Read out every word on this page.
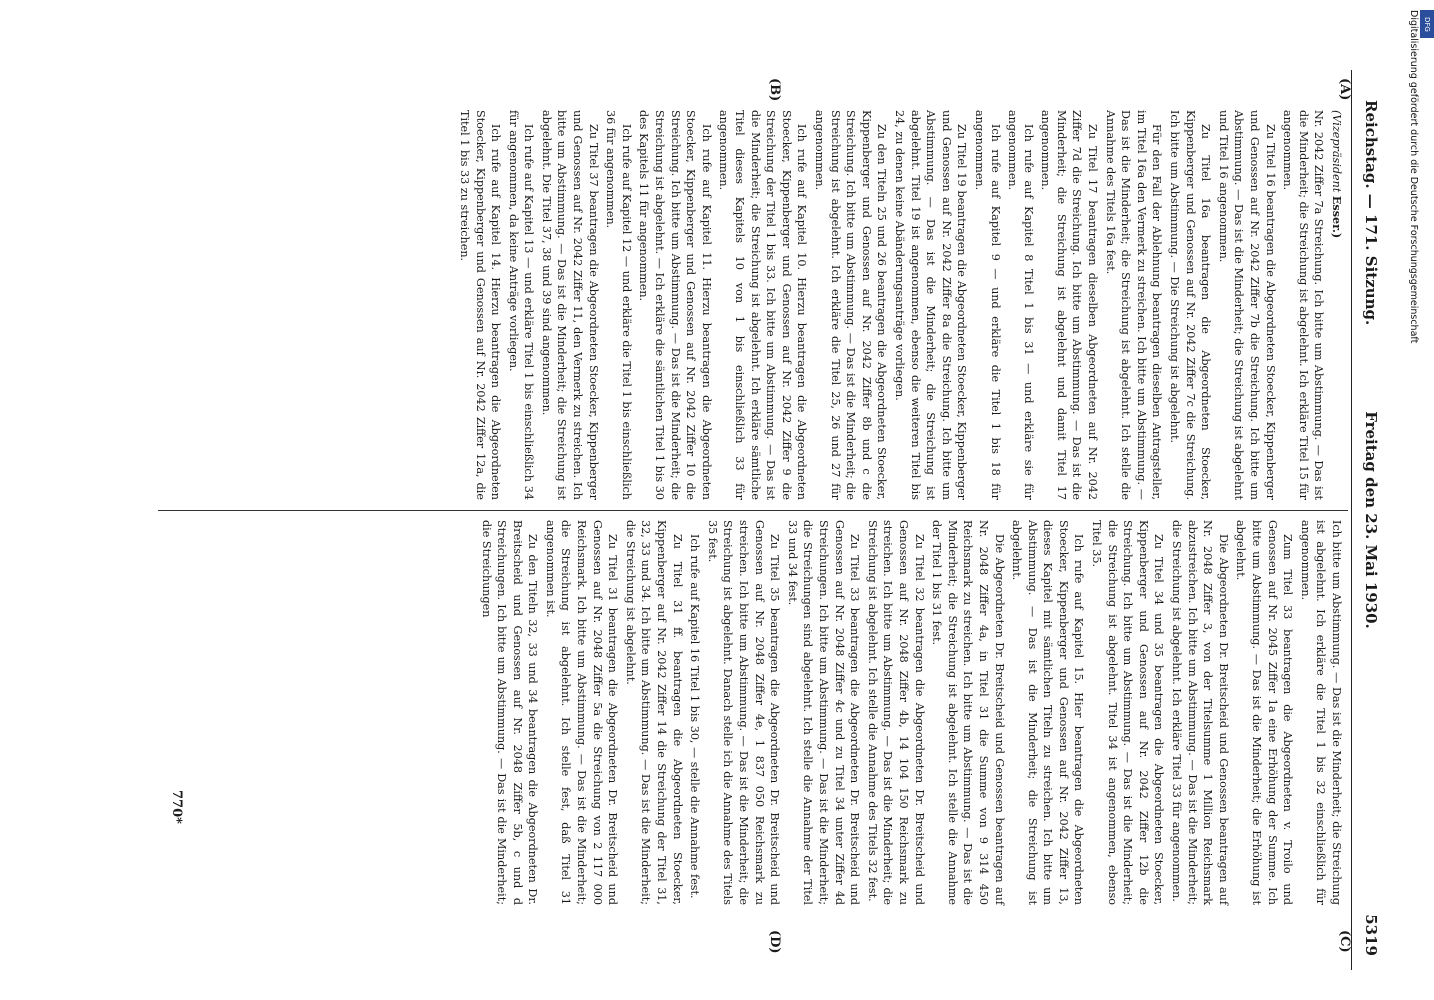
Reichstag. — 171. Sitzung.
Freitag den 23. Mai 1930.
5319
(A)
(B)
(C)
(D)

(Vizepräsident Esser.)

Nr. 2042 Ziffer 7a Streichung. Ich bitte um Abstimmung. — Das ist die Minderheit; die Streichung ist abgelehnt. Ich erkläre Titel 15 für angenommen.

Zu Titel 16 beantragen die Abgeordneten Stoecker, Kippenberger und Genossen auf Nr. 2042 Ziffer 7b die Streichung. Ich bitte um Abstimmung. — Das ist die Minderheit; die Streichung ist abgelehnt und Titel 16 angenommen.

Zu Titel 16a beantragen die Abgeordneten Stoecker, Kippenberger und Genossen auf Nr. 2042 Ziffer 7c die Streichung. Ich bitte um Abstimmung. — Die Streichung ist abgelehnt.

Für den Fall der Ablehnung beantragen dieselben Antragsteller, im Titel 16a den Vermerk zu streichen. Ich bitte um Abstimmung. — Das ist die Minderheit; die Streichung ist abgelehnt. Ich stelle die Annahme des Titels 16a fest.

Zu Titel 17 beantragen dieselben Abgeordneten auf Nr. 2042 Ziffer 7d die Streichung. Ich bitte um Abstimmung. — Das ist die Minderheit; die Streichung ist abgelehnt und damit Titel 17 angenommen.

Ich rufe auf Kapitel 8 Titel 1 bis 31 — und erkläre sie für angenommen.

Ich rufe auf Kapitel 9 — und erkläre die Titel 1 bis 18 für angenommen.

Zu Titel 19 beantragen die Abgeordneten Stoecker, Kippenberger und Genossen auf Nr. 2042 Ziffer 8a die Streichung. Ich bitte um Abstimmung. — Das ist die Minderheit; die Streichung ist abgelehnt. Titel 19 ist angenommen, ebenso die weiteren Titel bis 24, zu denen keine Abänderungsanträge vorliegen.

Zu den Titeln 25 und 26 beantragen die Abgeordneten Stoecker, Kippenberger und Genossen auf Nr. 2042 Ziffer 8b und c die Streichung. Ich bitte um Abstimmung. — Das ist die Minderheit; die Streichung ist abgelehnt. Ich erkläre die Titel 25, 26 und 27 für angenommen.

Ich rufe auf Kapitel 10. Hierzu beantragen die Abgeordneten Stoecker, Kippenberger und Genossen auf Nr. 2042 Ziffer 9 die Streichung der Titel 1 bis 33. Ich bitte um Abstimmung. — Das ist die Minderheit; die Streichung ist abgelehnt. Ich erkläre sämtliche Titel dieses Kapitels 10 von 1 bis einschließlich 33 für angenommen.

Ich rufe auf Kapitel 11. Hierzu beantragen die Abgeordneten Stoecker, Kippenberger und Genossen auf Nr. 2042 Ziffer 10 die Streichung. Ich bitte um Abstimmung. — Das ist die Minderheit; die Streichung ist abgelehnt. — Ich erkläre die sämtlichen Titel 1 bis 30 des Kapitels 11 für angenommen.

Ich rufe auf Kapitel 12 — und erkläre die Titel 1 bis einschließlich 36 für angenommen.

Zu Titel 37 beantragen die Abgeordneten Stoecker, Kippenberger und Genossen auf Nr. 2042 Ziffer 11, den Vermerk zu streichen. Ich bitte um Abstimmung. — Das ist die Minderheit; die Streichung ist abgelehnt. Die Titel 37, 38 und 39 sind angenommen.

Ich rufe auf Kapitel 13 — und erkläre Titel 1 bis einschließlich 34 für angenommen, da keine Anträge vorliegen.

Ich rufe auf Kapitel 14. Hierzu beantragen die Abgeordneten Stoecker, Kippenberger und Genossen auf Nr. 2042 Ziffer 12a, die Titel 1 bis 33 zu streichen.

Ich bitte um Abstimmung. — Das ist die Minderheit; die Streichung ist abgelehnt. Ich erkläre die Titel 1 bis 32 einschließlich für angenommen.

Zum Titel 33 beantragen die Abgeordneten v. Troilo und Genossen auf Nr. 2045 Ziffer 1a eine Erhöhung der Summe. Ich bitte um Abstimmung. — Das ist die Minderheit; die Erhöhung ist abgelehnt.

Die Abgeordneten Dr. Breitscheid und Genossen beantragen auf Nr. 2048 Ziffer 3, von der Titelsumme 1 Million Reichsmark abzustreichen. Ich bitte um Abstimmung. — Das ist die Minderheit; die Streichung ist abgelehnt. Ich erkläre Titel 33 für angenommen.

Zu Titel 34 und 35 beantragen die Abgeordneten Stoecker, Kippenberger und Genossen auf Nr. 2042 Ziffer 12b die Streichung. Ich bitte um Abstimmung. — Das ist die Minderheit; die Streichung ist abgelehnt. Titel 34 ist angenommen, ebenso Titel 35.

Ich rufe auf Kapitel 15. Hier beantragen die Abgeordneten Stoecker, Kippenberger und Genossen auf Nr. 2042 Ziffer 13, dieses Kapitel mit sämtlichen Titeln zu streichen. Ich bitte um Abstimmung. — Das ist die Minderheit; die Streichung ist abgelehnt.

Die Abgeordneten Dr. Breitscheid und Genossen beantragen auf Nr. 2048 Ziffer 4a, in Titel 31 die Summe von 9 314 450 Reichsmark zu streichen. Ich bitte um Abstimmung. — Das ist die Minderheit; die Streichung ist abgelehnt. Ich stelle die Annahme der Titel 1 bis 31 fest.

Zu Titel 32 beantragen die Abgeordneten Dr. Breitscheid und Genossen auf Nr. 2048 Ziffer 4b, 14 104 150 Reichsmark zu streichen. Ich bitte um Abstimmung. — Das ist die Minderheit; die Streichung ist abgelehnt. Ich stelle die Annahme des Titels 32 fest.

Zu Titel 33 beantragen die Abgeordneten Dr. Breitscheid und Genossen auf Nr. 2048 Ziffer 4c und zu Titel 34 unter Ziffer 4d Streichungen. Ich bitte um Abstimmung. — Das ist die Minderheit; die Streichungen sind abgelehnt. Ich stelle die Annahme der Titel 33 und 34 fest.

Zu Titel 35 beantragen die Abgeordneten Dr. Breitscheid und Genossen auf Nr. 2048 Ziffer 4e, 1 837 050 Reichsmark zu streichen. Ich bitte um Abstimmung. — Das ist die Minderheit; die Streichung ist abgelehnt. Danach stelle ich die Annahme des Titels 35 fest.

Ich rufe auf Kapitel 16 Titel 1 bis 30, — stelle die Annahme fest.

Zu Titel 31 ff. beantragen die Abgeordneten Stoecker, Kippenberger auf Nr. 2042 Ziffer 14 die Streichung der Titel 31, 32, 33 und 34. Ich bitte um Abstimmung. — Das ist die Minderheit; die Streichung ist abgelehnt.

Zu Titel 31 beantragen die Abgeordneten Dr. Breitscheid und Genossen auf Nr. 2048 Ziffer 5a die Streichung von 2 117 000 Reichsmark. Ich bitte um Abstimmung. — Das ist die Minderheit; die Streichung ist abgelehnt. Ich stelle fest, daß Titel 31 angenommen ist.

Zu den Titeln 32, 33 und 34 beantragen die Abgeordneten Dr. Breitscheid und Genossen auf Nr. 2048 Ziffer 5b, c und d Streichungen. Ich bitte um Abstimmung. — Das ist die Minderheit; die Streichungen

770*
Digitalisierung gefördert durch die Deutsche Forschungsgemeinschaft DFG
